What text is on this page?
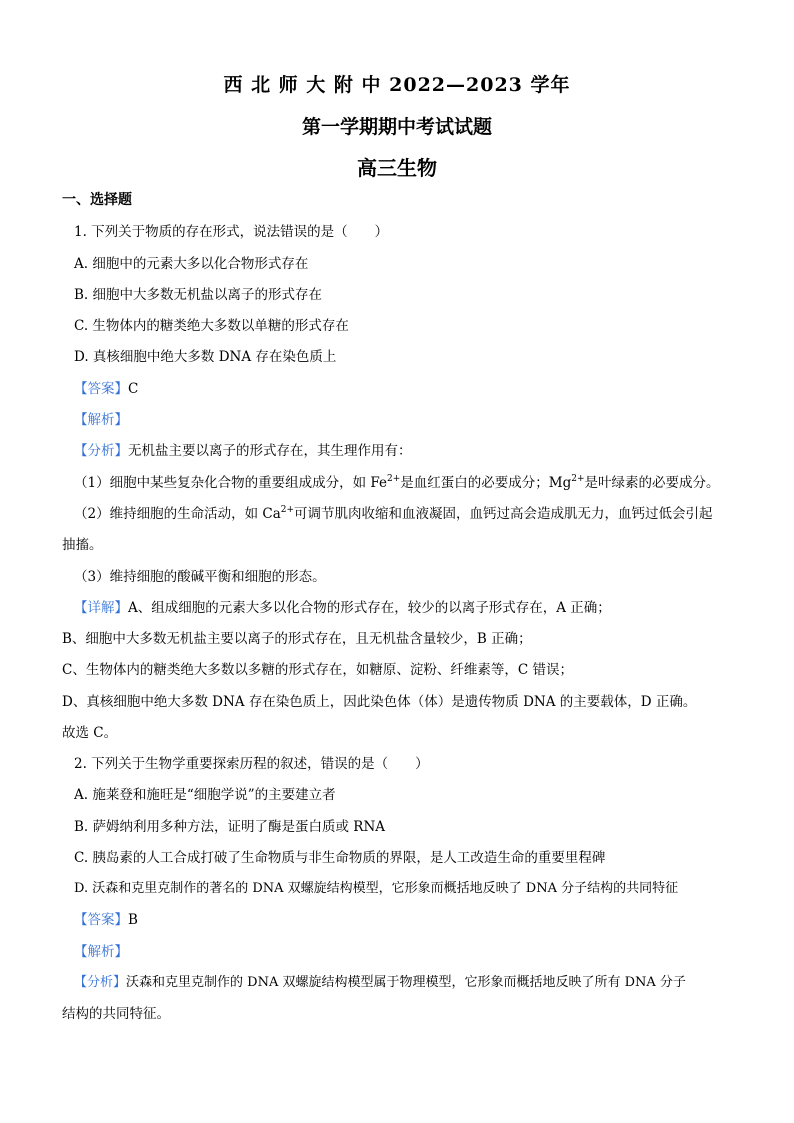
西 北 师 大 附 中 2022—2023 学年
第一学期期中考试试题
高三生物
一、选择题
1. 下列关于物质的存在形式，说法错误的是（　　）
A. 细胞中的元素大多以化合物形式存在
B. 细胞中大多数无机盐以离子的形式存在
C. 生物体内的糖类绝大多数以单糖的形式存在
D. 真核细胞中绝大多数 DNA 存在染色质上
【答案】C
【解析】
【分析】无机盐主要以离子的形式存在，其生理作用有：
（1）细胞中某些复杂化合物的重要组成成分，如 $Fe^{2+}$是血红蛋白的必要成分；$Mg^{2+}$是叶绿素的必要成分。
（2）维持细胞的生命活动，如 $Ca^{2+}$可调节肌肉收缩和血液凝固，血钙过高会造成肌无力，血钙过低会引起
抽搐。
（3）维持细胞的酸碱平衡和细胞的形态。
【详解】A、组成细胞的元素大多以化合物的形式存在，较少的以离子形式存在，A 正确；
B、细胞中大多数无机盐主要以离子的形式存在，且无机盐含量较少，B 正确；
C、生物体内的糖类绝大多数以多糖的形式存在，如糖原、淀粉、纤维素等，C 错误；
D、真核细胞中绝大多数 DNA 存在染色质上，因此染色体（体）是遗传物质 DNA 的主要载体，D 正确。
故选 C。
2. 下列关于生物学重要探索历程的叙述，错误的是（　　）
A. 施莱登和施旺是“细胞学说”的主要建立者
B. 萨姆纳利用多种方法，证明了酶是蛋白质或 RNA
C. 胰岛素的人工合成打破了生命物质与非生命物质的界限，是人工改造生命的重要里程碑
D. 沃森和克里克制作的著名的 DNA 双螺旋结构模型，它形象而概括地反映了 DNA 分子结构的共同特征
【答案】B
【解析】
【分析】沃森和克里克制作的 DNA 双螺旋结构模型属于物理模型，它形象而概括地反映了所有 DNA 分子
结构的共同特征。
